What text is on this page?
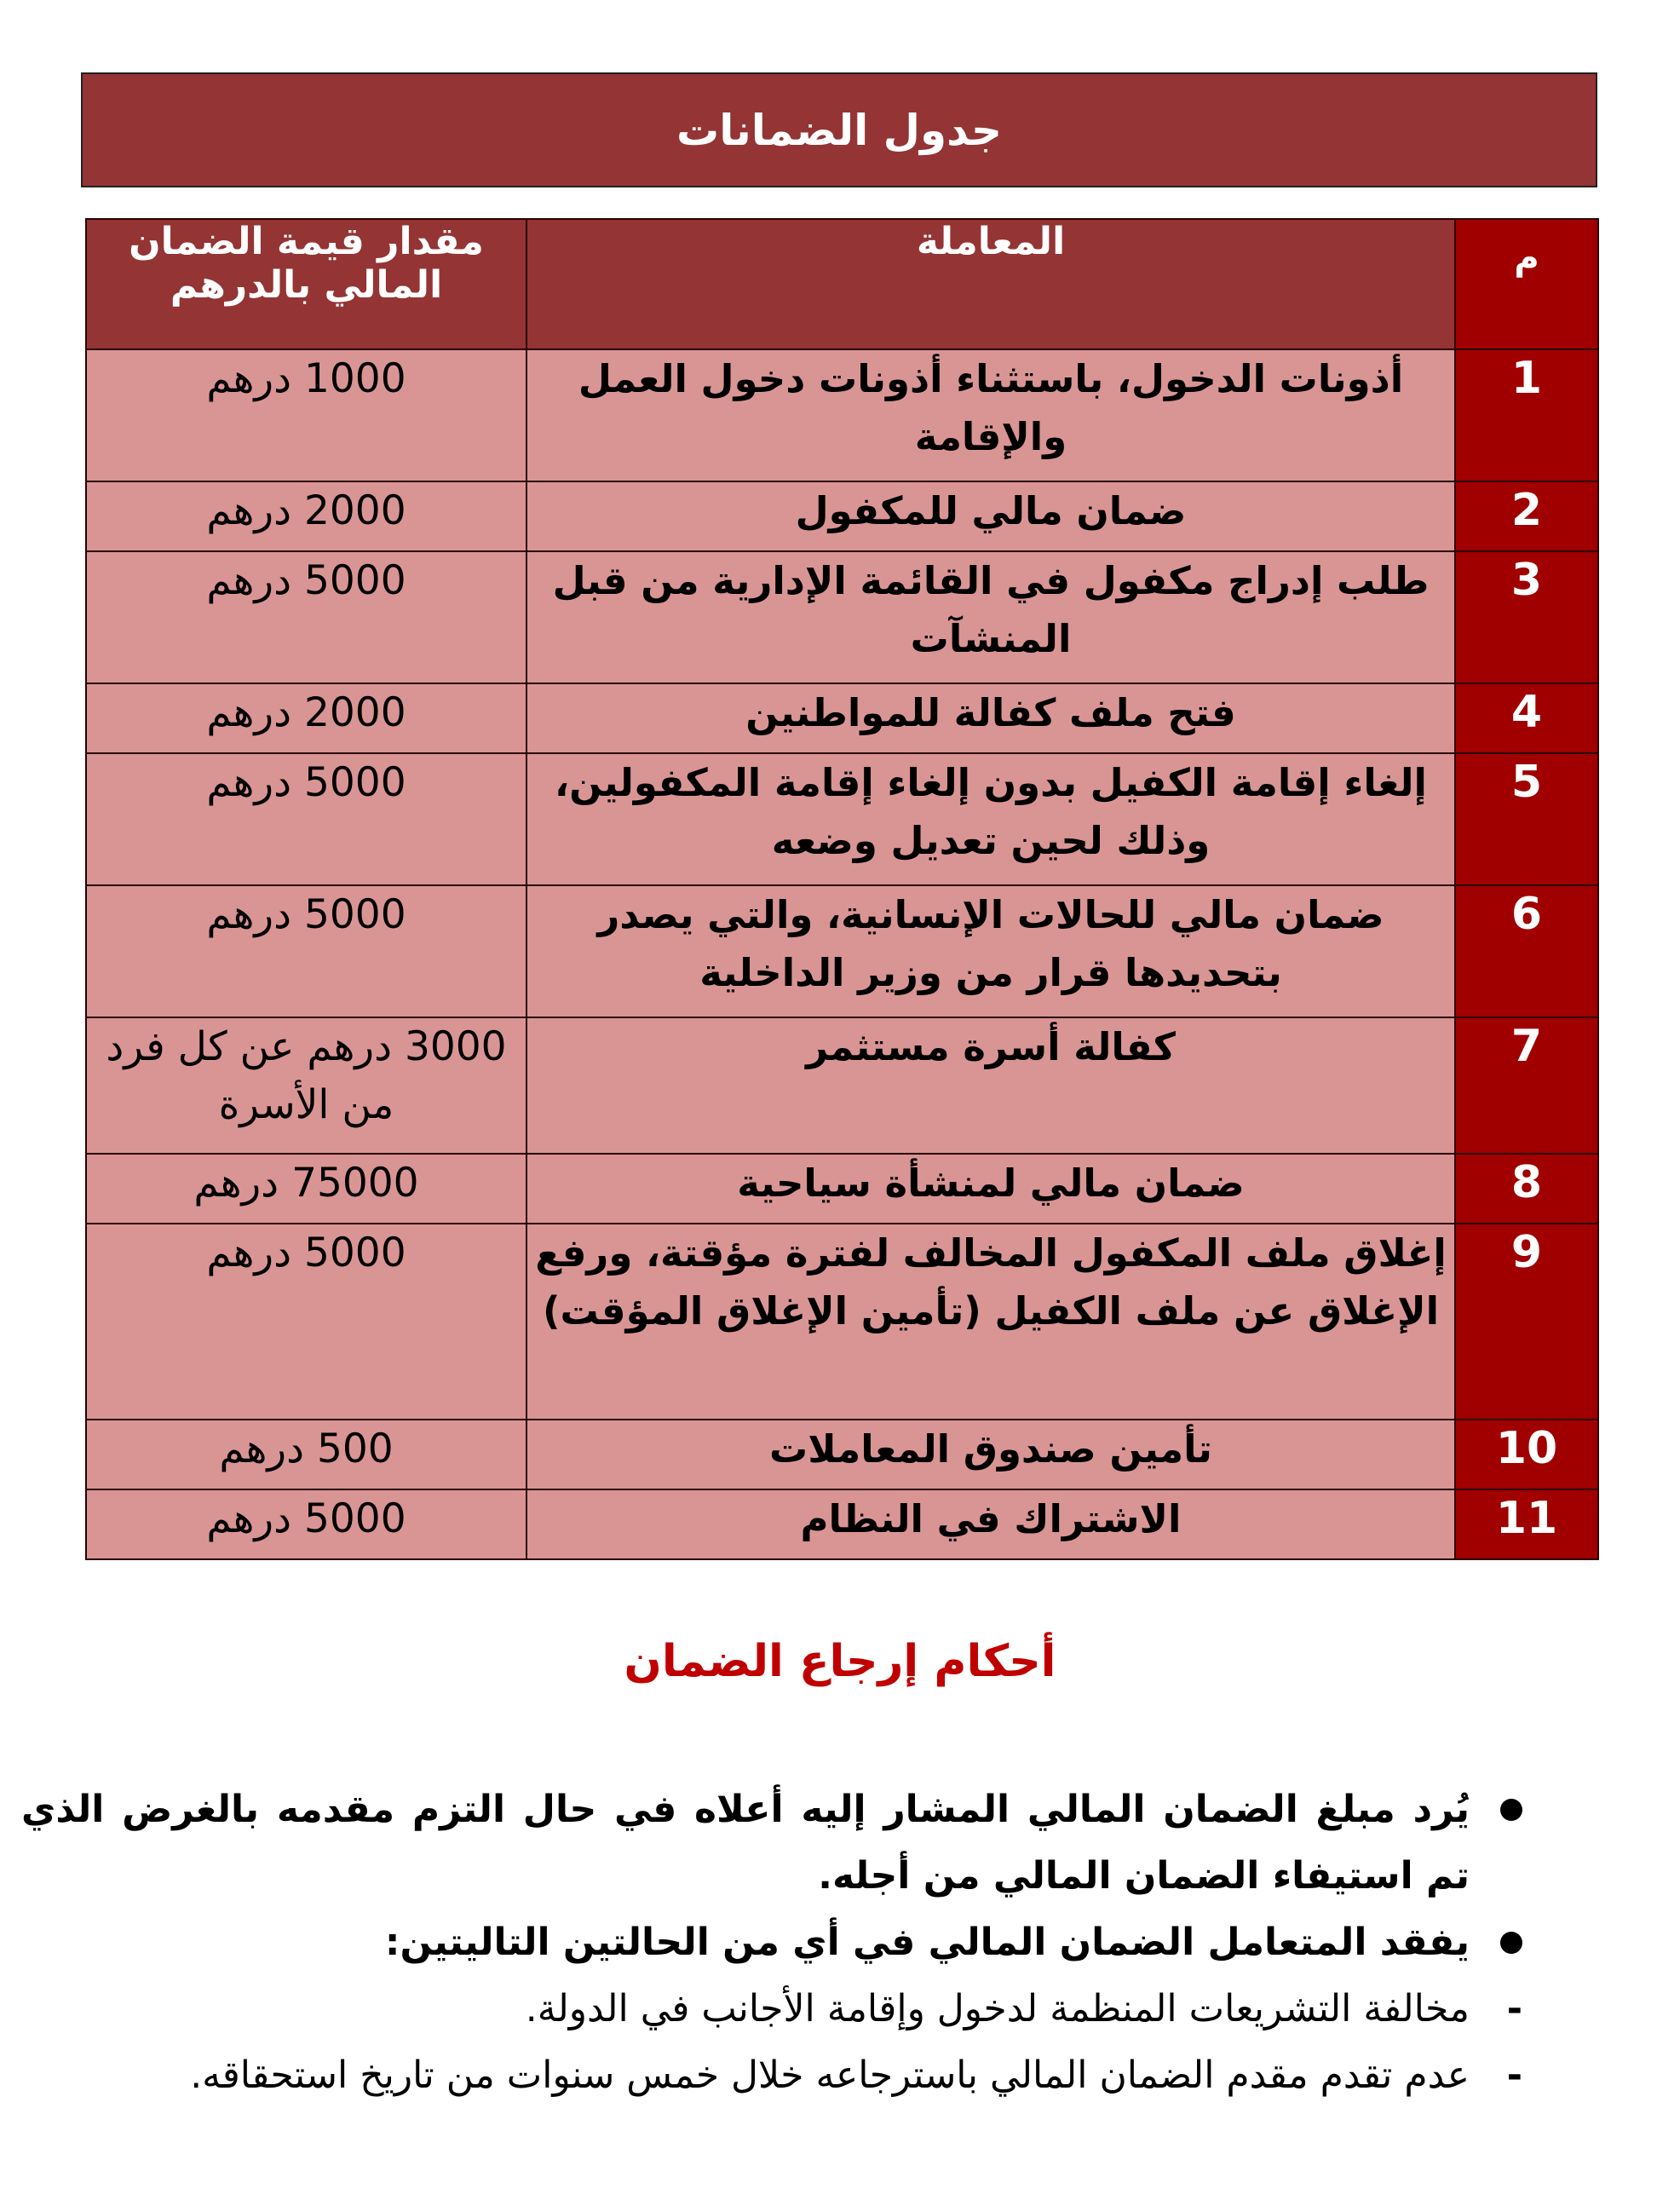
جدول الضمانات
م	المعاملة	مقدار قيمة الضمان المالي بالدرهم
1	أذونات الدخول، باستثناء أذونات دخول العمل والإقامة	1000 درهم
2	ضمان مالي للمكفول	2000 درهم
3	طلب إدراج مكفول في القائمة الإدارية من قبل المنشآت	5000 درهم
4	فتح ملف كفالة للمواطنين	2000 درهم
5	إلغاء إقامة الكفيل بدون إلغاء إقامة المكفولين، وذلك لحين تعديل وضعه	5000 درهم
6	ضمان مالي للحالات الإنسانية، والتي يصدر بتحديدها قرار من وزير الداخلية	5000 درهم
7	كفالة أسرة مستثمر	3000 درهم عن كل فرد من الأسرة
8	ضمان مالي لمنشأة سياحية	75000 درهم
9	إغلاق ملف المكفول المخالف لفترة مؤقتة، ورفع الإغلاق عن ملف الكفيل (تأمين الإغلاق المؤقت)	5000 درهم
10	تأمين صندوق المعاملات	500 درهم
11	الاشتراك في النظام	5000 درهم
أحكام إرجاع الضمان
يُرد مبلغ الضمان المالي المشار إليه أعلاه في حال التزم مقدمه بالغرض الذي تم استيفاء الضمان المالي من أجله.
يفقد المتعامل الضمان المالي في أي من الحالتين التاليتين:
-
مخالفة التشريعات المنظمة لدخول وإقامة الأجانب في الدولة.
-
عدم تقدم مقدم الضمان المالي باسترجاعه خلال خمس سنوات من تاريخ استحقاقه.
